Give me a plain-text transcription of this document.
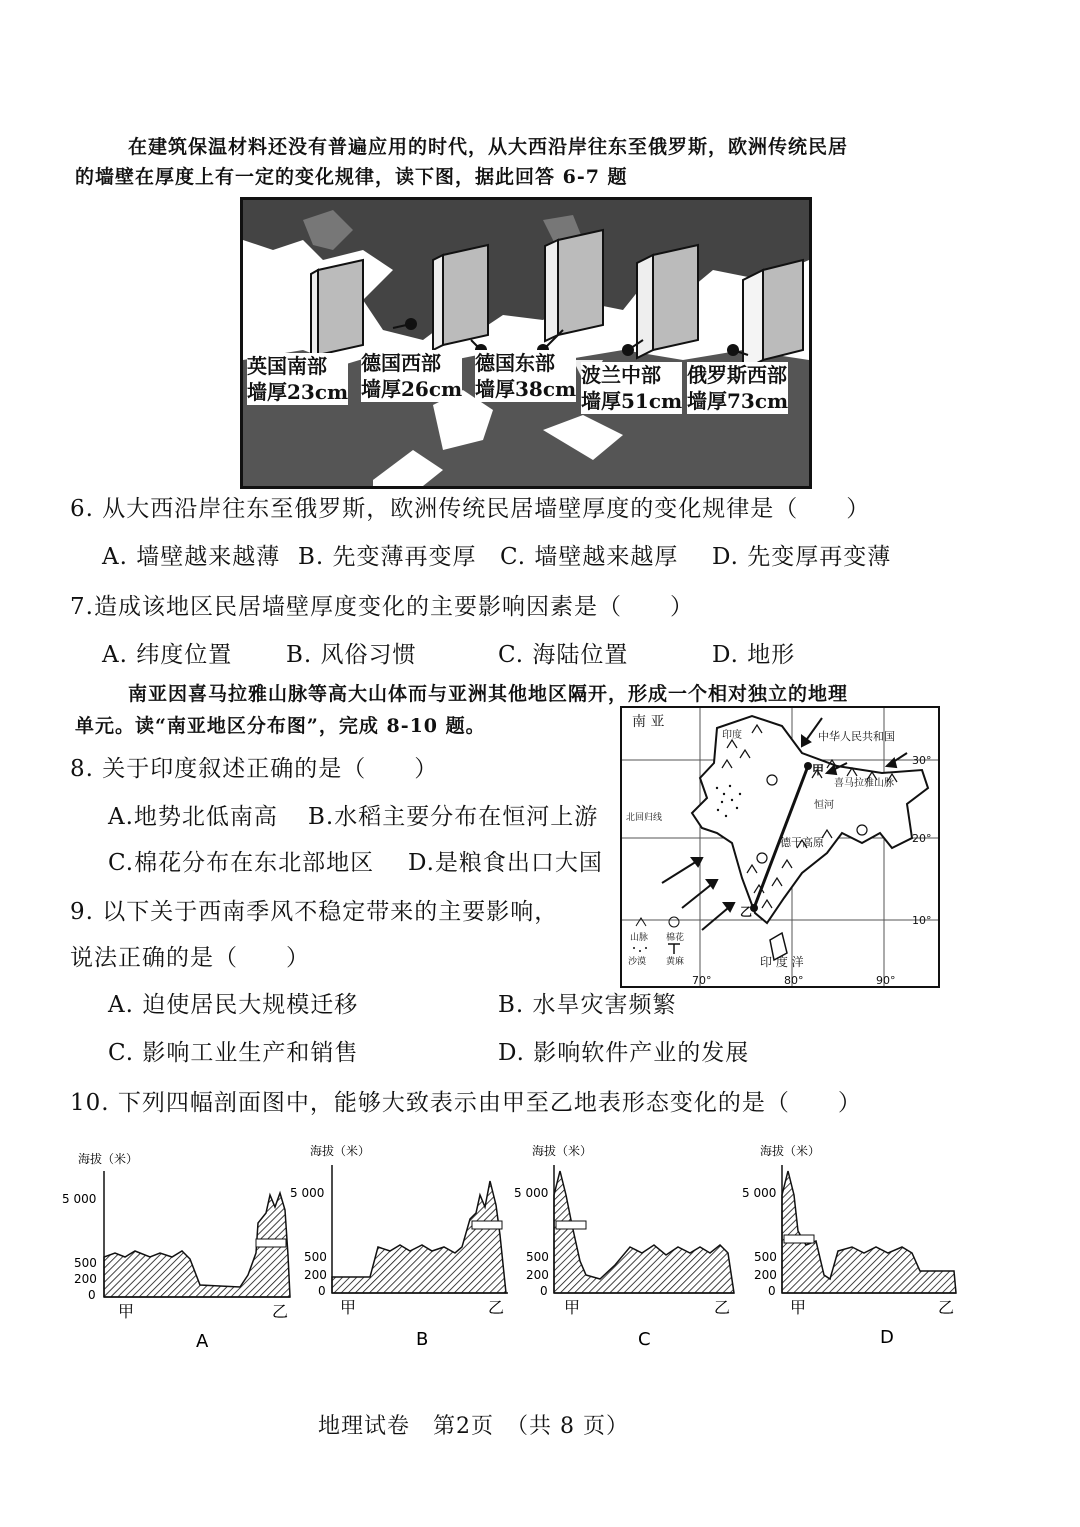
在建筑保温材料还没有普遍应用的时代，从大西沿岸往东至俄罗斯，欧洲传统民居
的墙壁在厚度上有一定的变化规律，读下图，据此回答 6-7 题
英国南部
墙厚23cm
德国西部
墙厚26cm
德国东部
墙厚38cm
波兰中部
墙厚51cm
俄罗斯西部
墙厚73cm
6. 从大西沿岸往东至俄罗斯，欧洲传统民居墙壁厚度的变化规律是（　　）
A. 墙壁越来越薄 B. 先变薄再变厚 C. 墙壁越来越厚 D. 先变厚再变薄
7.造成该地区民居墙壁厚度变化的主要影响因素是（　　）
A. 纬度位置 B. 风俗习惯	C. 海陆位置	D. 地形
南亚因喜马拉雅山脉等高大山体而与亚洲其他地区隔开，形成一个相对独立的地理
单元。读“南亚地区分布图”，完成 8-10 题。
8. 关于印度叙述正确的是（　　）
A.地势北低南高 B.水稻主要分布在恒河上游
C.棉花分布在东北部地区 D.是粮食出口大国
9. 以下关于西南季风不稳定带来的主要影响，
说法正确的是（　　）
A. 迫使居民大规模迁移	B. 水旱灾害频繁
C. 影响工业生产和销售	D. 影响软件产业的发展
南 亚
中华人民共和国
甲
喜马拉雅山脉
恒河
德干高原
北回归线
印度
乙
印 度 洋
30°
20°
10°
70°	80°	90°
山脉 棉花
沙漠 黄麻
10. 下列四幅剖面图中，能够大致表示由甲至乙地表形态变化的是（　　）
海拔（米）
5 000
500
200
0
甲	乙
A
海拔（米）
5 000
500
200
0
甲	乙
B
海拔（米）
5 000
500
200
0
甲	乙
C
海拔（米）
5 000
500
200
0
甲	乙
D
地理试卷　第2页　（共 8 页）
